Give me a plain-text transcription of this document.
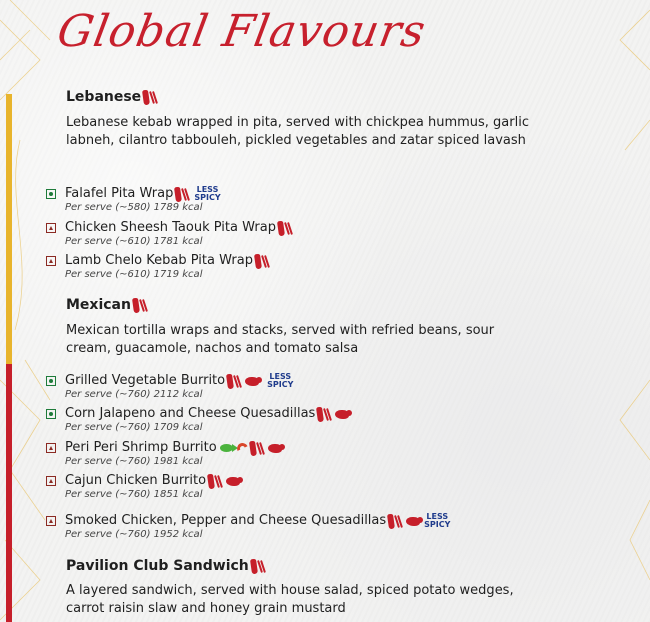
Global Flavours
Lebanese
Lebanese kebab wrapped in pita, served with chickpea hummus, garlic labneh, cilantro tabbouleh, pickled vegetables and zatar spiced lavash
Falafel Pita Wrap	LESS
SPICY
Per serve (~580) 1789 kcal
Chicken Sheesh Taouk Pita Wrap
Per serve (~610) 1781 kcal
Lamb Chelo Kebab Pita Wrap
Per serve (~610) 1719 kcal
Mexican
Mexican tortilla wraps and stacks, served with refried beans, sour cream, guacamole, nachos and tomato salsa
Grilled Vegetable Burrito	LESS
SPICY
Per serve (~760) 2112 kcal
Corn Jalapeno and Cheese Quesadillas
Per serve (~760) 1709 kcal
Peri Peri Shrimp Burrito
Per serve (~760) 1981 kcal
Cajun Chicken Burrito
Per serve (~760) 1851 kcal
Smoked Chicken, Pepper and Cheese Quesadillas	LESS
SPICY
Per serve (~760) 1952 kcal
Pavilion Club Sandwich
A layered sandwich, served with house salad, spiced potato wedges, carrot raisin slaw and honey grain mustard
